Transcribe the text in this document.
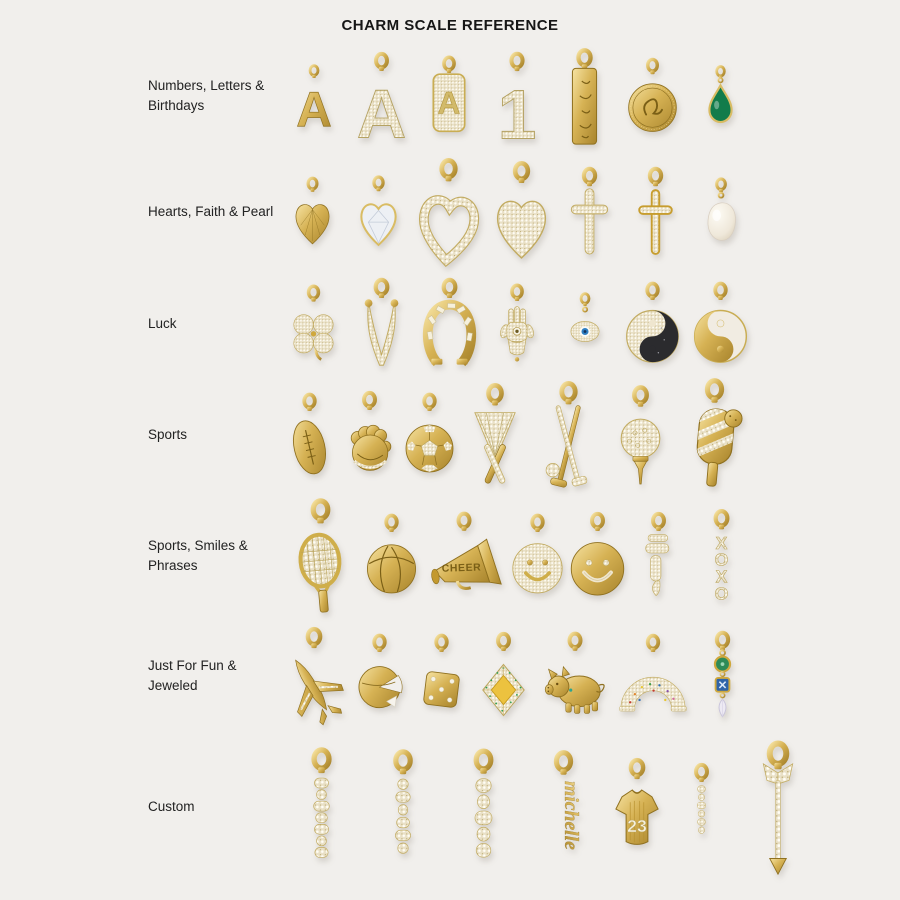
CHARM SCALE REFERENCE
Numbers, Letters & Birthdays A A A 1
Hearts, Faith & Pearl
Luck
Sports
Sports, Smiles & Phrases	CHEER
X
O
X
O
Just For Fun & Jeweled
Custom	michelle 23
